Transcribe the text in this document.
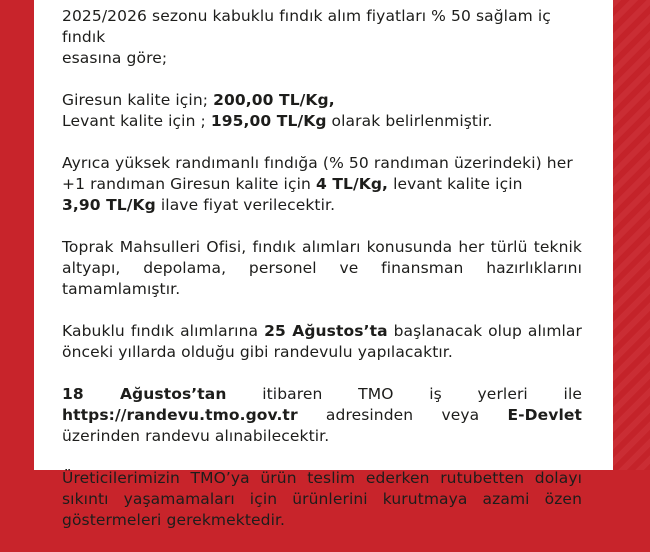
2025/2026 sezonu kabuklu fındık alım fiyatları % 50 sağlam iç fındık
esasına göre;
Giresun kalite için; 200,00 TL/Kg,
Levant kalite için ; 195,00 TL/Kg olarak belirlenmiştir.
Ayrıca yüksek randımanlı fındığa (% 50 randıman üzerindeki) her
+1 randıman Giresun kalite için 4 TL/Kg, levant kalite için
3,90 TL/Kg ilave fiyat verilecektir.
Toprak Mahsulleri Ofisi, fındık alımları konusunda her türlü teknik altyapı, depolama, personel ve finansman hazırlıklarını tamamlamıştır.
Kabuklu fındık alımlarına 25 Ağustos’ta başlanacak olup alımlar önceki yıllarda olduğu gibi randevulu yapılacaktır.
18 Ağustos’tan itibaren TMO iş yerleri ile https://randevu.tmo.gov.tr adresinden veya E-Devlet üzerinden randevu alınabilecektir.
Üreticilerimizin TMO’ya ürün teslim ederken rutubetten dolayı sıkıntı yaşamamaları için ürünlerini kurutmaya azami özen göstermeleri gerekmektedir.
